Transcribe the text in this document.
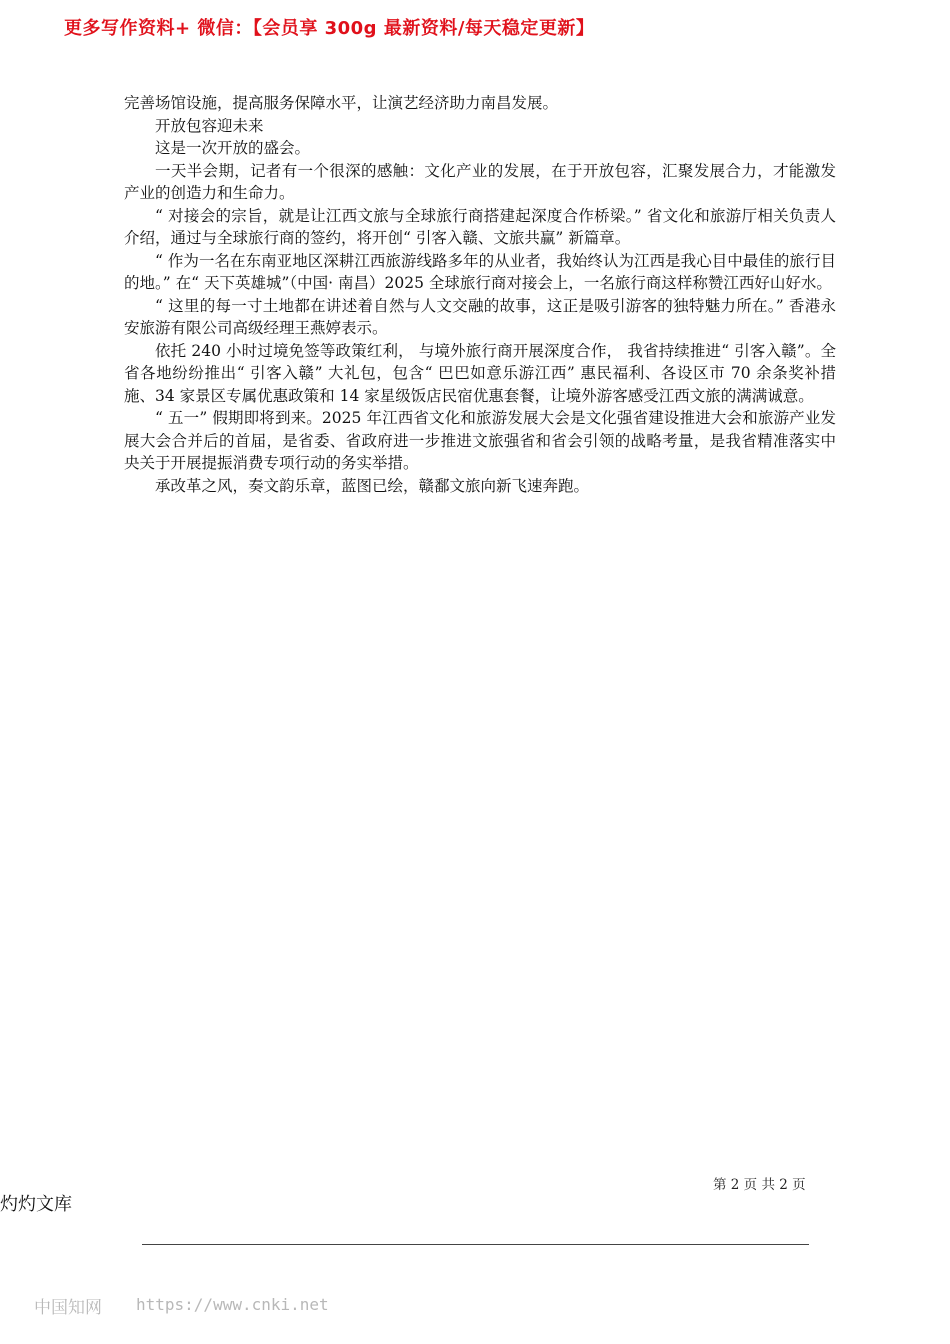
更多写作资料+ 微信：【会员享 300g 最新资料/每天稳定更新】

完善场馆设施，提高服务保障水平，让演艺经济助力南昌发展。

开放包容迎未来

这是一次开放的盛会。

一天半会期，记者有一个很深的感触：文化产业的发展，在于开放包容，汇聚发展合力，才能激发产业的创造力和生命力。

“ 对接会的宗旨，就是让江西文旅与全球旅行商搭建起深度合作桥梁。” 省文化和旅游厅相关负责人介绍，通过与全球旅行商的签约，将开创“ 引客入赣、文旅共赢” 新篇章。

“ 作为一名在东南亚地区深耕江西旅游线路多年的从业者，我始终认为江西是我心目中最佳的旅行目的地。” 在“ 天下英雄城”（中国· 南昌）2025 全球旅行商对接会上，一名旅行商这样称赞江西好山好水。

“ 这里的每一寸土地都在讲述着自然与人文交融的故事，这正是吸引游客的独特魅力所在。” 香港永安旅游有限公司高级经理王燕婷表示。

依托 240 小时过境免签等政策红利， 与境外旅行商开展深度合作， 我省持续推进“ 引客入赣”。全省各地纷纷推出“ 引客入赣” 大礼包，包含“ 巴巴如意乐游江西” 惠民福利、各设区市 70 余条奖补措施、34 家景区专属优惠政策和 14 家星级饭店民宿优惠套餐，让境外游客感受江西文旅的满满诚意。

“ 五一” 假期即将到来。2025 年江西省文化和旅游发展大会是文化强省建设推进大会和旅游产业发展大会合并后的首届，是省委、省政府进一步推进文旅强省和省会引领的战略考量，是我省精准落实中央关于开展提振消费专项行动的务实举措。

承改革之风，奏文韵乐章，蓝图已绘，赣鄱文旅向新飞速奔跑。

第 2 页 共 2 页
灼灼文库
中国知网 https://www.cnki.net
